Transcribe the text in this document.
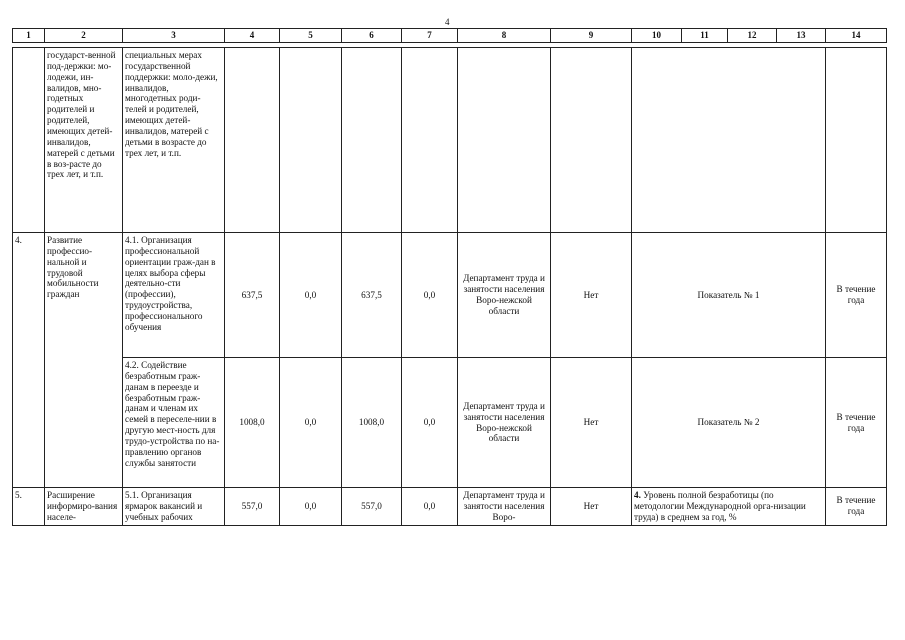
4
1	2	3	4	5	6	7	8	9	10	11	12	13	14

	государст-венной под-держки: мо-лодежи, ин-валидов, мно-годетных родителей и родителей, имеющих детей-инвалидов, матерей с детьми в воз-расте до трех лет, и т.п.	специальных мерах государственной поддержки: моло-дежи, инвалидов, многодетных роди-телей и родителей, имеющих детей-инвалидов, матерей с детьми в возрасте до трех лет, и т.п.											
4.	Развитие профессио-нальной и трудовой мобильности граждан	4.1. Организация профессиональной ориентации граж-дан в целях выбора сферы деятельно-сти (профессии), трудоустройства, профессионального обучения	637,5	0,0	637,5	0,0	Департамент труда и занятости населения Воро-нежской области	Нет	Показатель № 1				В течение года
		4.2. Содействие безработным граж-данам в переезде и безработным граж-данам и членам их семей в переселе-нии в другую мест-ность для трудо-устройства по на-правлению органов службы занятости	1008,0	0,0	1008,0	0,0	Департамент труда и занятости населения Воро-нежской области	Нет	Показатель № 2				В течение года
5.	Расширение информиро-вания населе-	5.1. Организация ярмарок вакансий и учебных рабочих	557,0	0,0	557,0	0,0	Департамент труда и занятости населения Воро-	Нет	4. Уровень полной безработицы (по методологии Международной орга-низации труда) в среднем за год, %				В течение года
